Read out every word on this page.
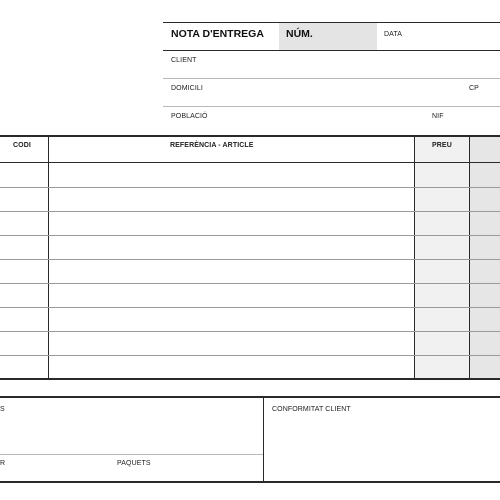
NOTA D'ENTREGA NÚM.	DATA
CLIENT
DOMICILI	CP
POBLACIÓ	NIF
CODI	REFERÈNCIA - ARTICLE	PREU
S
R	PAQUETS
CONFORMITAT CLIENT
